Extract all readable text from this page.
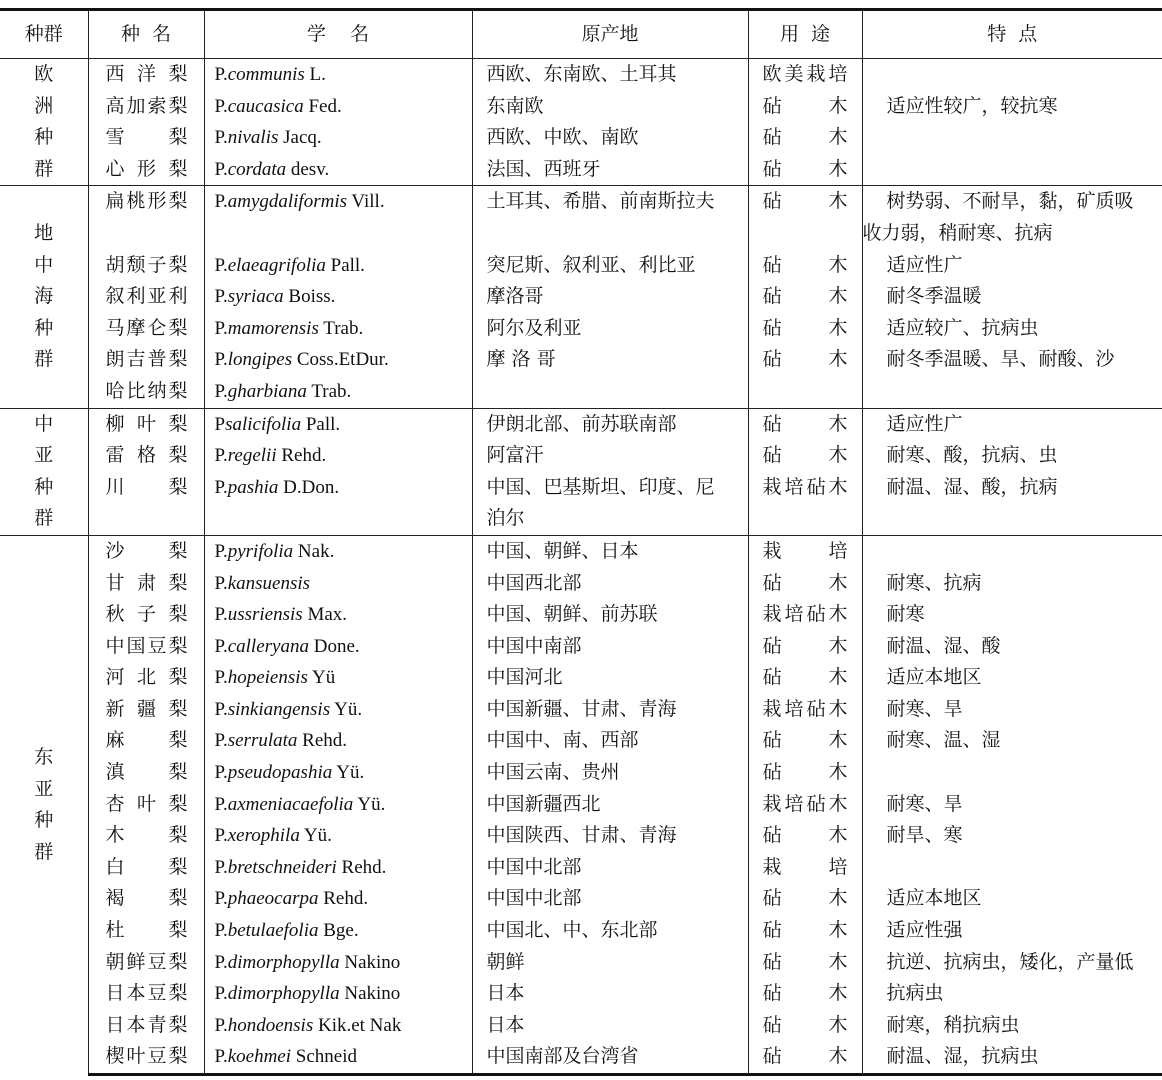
种群	种  名	学    名	原产地	用  途	特  点

欧
洲
种
群	西 洋 梨	P.communis L.	西欧、东南欧、土耳其	欧美栽培	
	高加索梨	P.caucasica Fed.	东南欧	砧 木	适应性较广，较抗寒

	雪 梨	P.nivalis Jacq.	西欧、中欧、南欧	砧 木	

	心 形 梨	P.cordata desv.	法国、西班牙	砧 木	

地
中
海
种
群	扁桃形梨	P.amygdaliformis Vill.	土耳其、希腊、前南斯拉夫	砧 木	树势弱、不耐旱，黏，矿质吸
					收力弱，稍耐寒、抗病
	胡颓子梨	P.elaeagrifolia Pall.	突尼斯、叙利亚、利比亚	砧 木	适应性广
	叙利亚利	P.syriaca Boiss.	摩洛哥	砧 木	耐冬季温暖
	马摩仑梨	P.mamorensis Trab.	阿尔及利亚	砧 木	适应较广、抗病虫
	朗吉普梨	P.longipes Coss.EtDur.	摩 洛 哥	砧 木	耐冬季温暖、旱、耐酸、沙
	哈比纳梨	P.gharbiana Trab.			

中
亚
种
群	柳 叶 梨	Psalicifolia Pall.	伊朗北部、前苏联南部	砧 木	适应性广

	雷 格 梨	P.regelii Rehd.	阿富汗	砧 木	耐寒、酸，抗病、虫

	川 梨	P.pashia D.Don.	中国、巴基斯坦、印度、尼	栽培砧木	耐温、湿、酸，抗病
			泊尔		

东
亚
种
群	沙 梨	P.pyrifolia Nak.	中国、朝鲜、日本	栽 培	

	甘 肃 梨	P.kansuensis	中国西北部	砧 木	耐寒、抗病

	秋 子 梨	P.ussriensis Max.	中国、朝鲜、前苏联	栽培砧木	耐寒
	中国豆梨	P.calleryana Done.	中国中南部	砧 木	耐温、湿、酸

	河 北 梨	P.hopeiensis Yü	中国河北	砧 木	适应本地区

	新 疆 梨	P.sinkiangensis Yü.	中国新疆、甘肃、青海	栽培砧木	耐寒、旱

	麻 梨	P.serrulata Rehd.	中国中、南、西部	砧 木	耐寒、温、湿

	滇 梨	P.pseudopashia Yü.	中国云南、贵州	砧 木	

	杏 叶 梨	P.axmeniacaefolia Yü.	中国新疆西北	栽培砧木	耐寒、旱

	木 梨	P.xerophila Yü.	中国陕西、甘肃、青海	砧 木	耐旱、寒

	白 梨	P.bretschneideri Rehd.	中国中北部	栽 培	

	褐 梨	P.phaeocarpa Rehd.	中国中北部	砧 木	适应本地区

	杜 梨	P.betulaefolia Bge.	中国北、中、东北部	砧 木	适应性强
	朝鲜豆梨	P.dimorphopylla Nakino	朝鲜	砧 木	抗逆、抗病虫，矮化，产量低
	日本豆梨	P.dimorphopylla Nakino	日本	砧 木	抗病虫
	日本青梨	P.hondoensis Kik.et Nak	日本	砧 木	耐寒，稍抗病虫
	楔叶豆梨	P.koehmei Schneid	中国南部及台湾省	砧 木	耐温、湿，抗病虫
